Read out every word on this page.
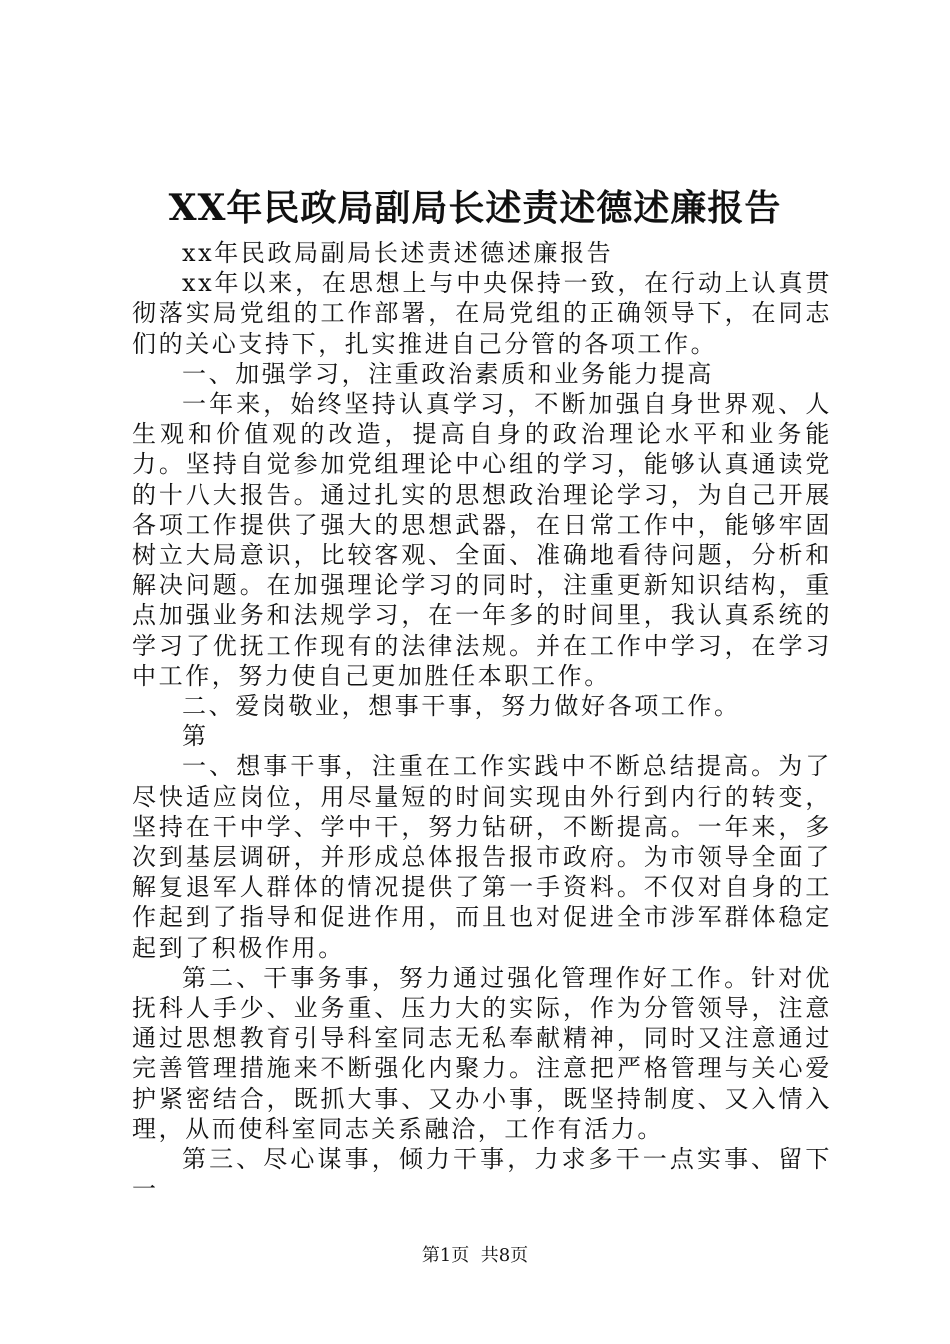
XX年民政局副局长述责述德述廉报告

xx年民政局副局长述责述德述廉报告

xx年以来，在思想上与中央保持一致，在行动上认真贯彻落实局党组的工作部署，在局党组的正确领导下，在同志们的关心支持下，扎实推进自己分管的各项工作。

一、加强学习，注重政治素质和业务能力提高

一年来，始终坚持认真学习，不断加强自身世界观、人生观和价值观的改造，提高自身的政治理论水平和业务能力。坚持自觉参加党组理论中心组的学习，能够认真通读党的十八大报告。通过扎实的思想政治理论学习，为自己开展各项工作提供了强大的思想武器，在日常工作中，能够牢固树立大局意识，比较客观、全面、准确地看待问题，分析和解决问题。在加强理论学习的同时，注重更新知识结构，重点加强业务和法规学习，在一年多的时间里，我认真系统的学习了优抚工作现有的法律法规。并在工作中学习，在学习中工作，努力使自己更加胜任本职工作。

二、爱岗敬业，想事干事，努力做好各项工作。

第

一、想事干事，注重在工作实践中不断总结提高。为了尽快适应岗位，用尽量短的时间实现由外行到内行的转变，坚持在干中学、学中干，努力钻研，不断提高。一年来，多次到基层调研，并形成总体报告报市政府。为市领导全面了解复退军人群体的情况提供了第一手资料。不仅对自身的工作起到了指导和促进作用，而且也对促进全市涉军群体稳定起到了积极作用。

第二、干事务事，努力通过强化管理作好工作。针对优抚科人手少、业务重、压力大的实际，作为分管领导，注意通过思想教育引导科室同志无私奉献精神，同时又注意通过完善管理措施来不断强化内聚力。注意把严格管理与关心爱护紧密结合，既抓大事、又办小事，既坚持制度、又入情入理，从而使科室同志关系融洽，工作有活力。

第三、尽心谋事，倾力干事，力求多干一点实事、留下一

第1页  共8页
